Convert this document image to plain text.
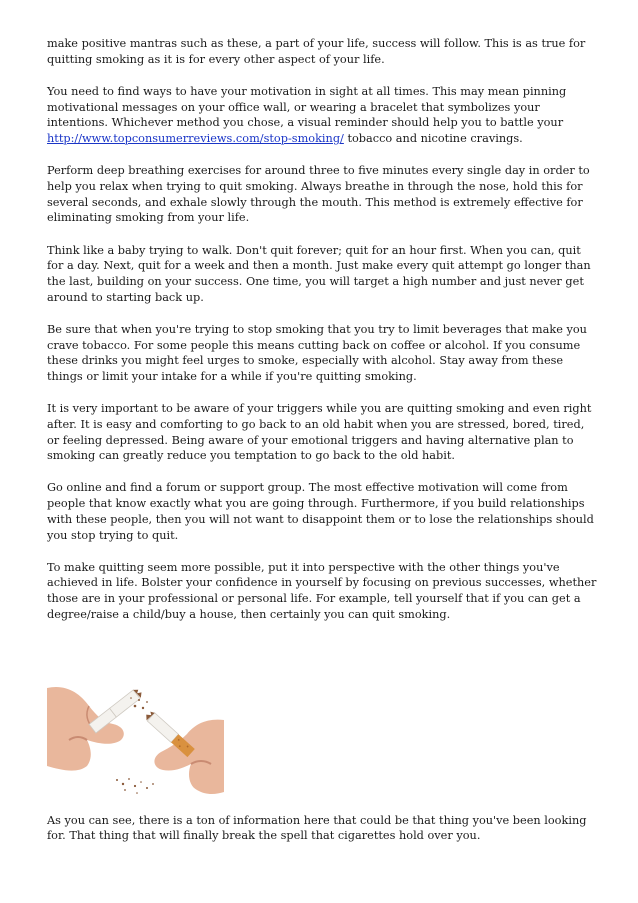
make positive mantras such as these, a part of your life, success will follow. This is as true for quitting smoking as it is for every other aspect of your life.

You need to find ways to have your motivation in sight at all times. This may mean pinning motivational messages on your office wall, or wearing a bracelet that symbolizes your intentions. Whichever method you chose, a visual reminder should help you to battle your http://www.topconsumerreviews.com/stop-smoking/ tobacco and nicotine cravings.

Perform deep breathing exercises for around three to five minutes every single day in order to help you relax when trying to quit smoking. Always breathe in through the nose, hold this for several seconds, and exhale slowly through the mouth. This method is extremely effective for eliminating smoking from your life.

Think like a baby trying to walk. Don't quit forever; quit for an hour first. When you can, quit for a day. Next, quit for a week and then a month. Just make every quit attempt go longer than the last, building on your success. One time, you will target a high number and just never get around to starting back up.

Be sure that when you're trying to stop smoking that you try to limit beverages that make you crave tobacco. For some people this means cutting back on coffee or alcohol. If you consume these drinks you might feel urges to smoke, especially with alcohol. Stay away from these things or limit your intake for a while if you're quitting smoking.

It is very important to be aware of your triggers while you are quitting smoking and even right after. It is easy and comforting to go back to an old habit when you are stressed, bored, tired, or feeling depressed. Being aware of your emotional triggers and having alternative plan to smoking can greatly reduce you temptation to go back to the old habit.

Go online and find a forum or support group. The most effective motivation will come from people that know exactly what you are going through. Furthermore, if you build relationships with these people, then you will not want to disappoint them or to lose the relationships should you stop trying to quit.

To make quitting seem more possible, put it into perspective with the other things you've achieved in life. Bolster your confidence in yourself by focusing on previous successes, whether those are in your professional or personal life. For example, tell yourself that if you can get a degree/raise a child/buy a house, then certainly you can quit smoking.

As you can see, there is a ton of information here that could be that thing you've been looking for. That thing that will finally break the spell that cigarettes hold over you.
